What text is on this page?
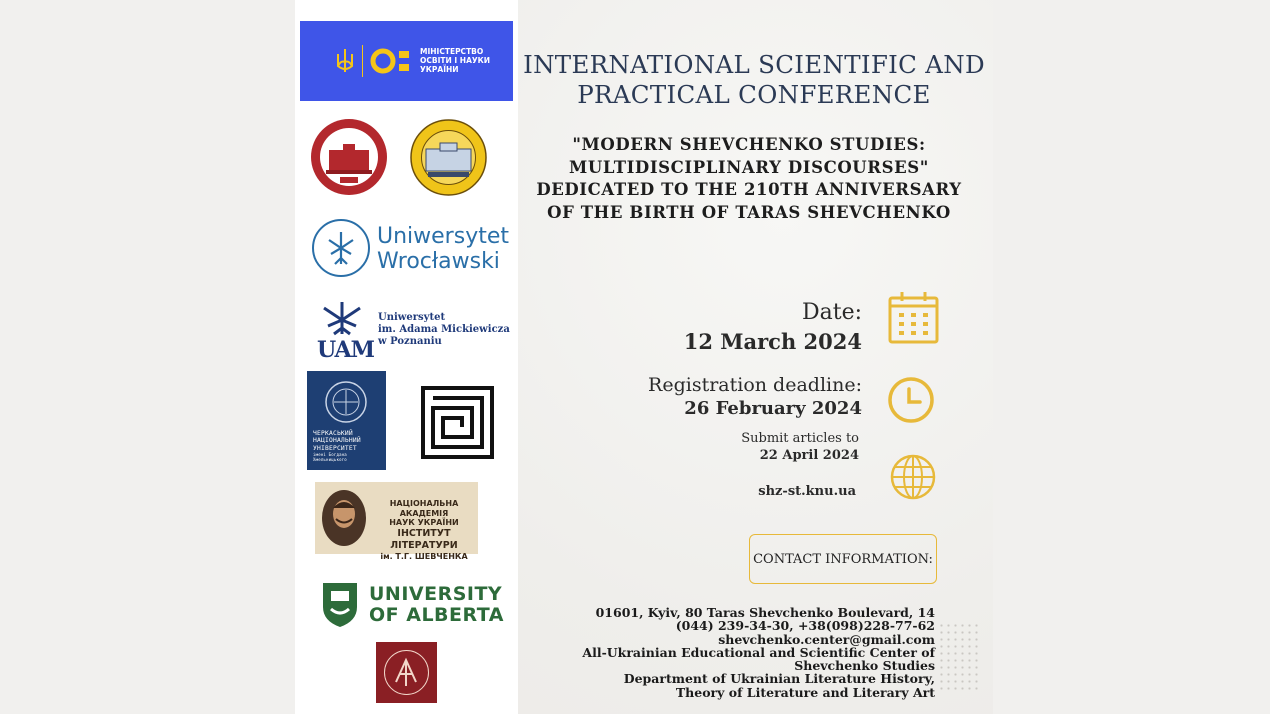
МІНІСТЕРСТВО
ОСВІТИ І НАУКИ
УКРАЇНИ
Uniwersytet
Wrocławski
UAM
Uniwersytet
im. Adama Mickiewicza
w Poznaniu
ЧЕРКАСЬКИЙ
НАЦІОНАЛЬНИЙ
УНІВЕРСИТЕТ
імені Богдана Хмельницького
НАЦІОНАЛЬНА АКАДЕМІЯ
НАУК УКРАЇНИ
ІНСТИТУТ ЛІТЕРАТУРИ
ім. Т.Г. ШЕВЧЕНКА
UNIVERSITY
OF ALBERTA
INTERNATIONAL SCIENTIFIC AND PRACTICAL CONFERENCE
"MODERN SHEVCHENKO STUDIES:
MULTIDISCIPLINARY DISCOURSES"
DEDICATED TO THE 210TH ANNIVERSARY
OF THE BIRTH OF TARAS SHEVCHENKO
Date:
12 March 2024
Registration deadline:
26 February 2024
Submit articles to
22 April 2024
shz-st.knu.ua
CONTACT INFORMATION:
01601, Kyiv, 80 Taras Shevchenko Boulevard, 14
(044) 239-34-30, +38(098)228-77-62
shevchenko.center@gmail.com
All-Ukrainian Educational and Scientific Center of
Shevchenko Studies
Department of Ukrainian Literature History,
Theory of Literature and Literary Art
